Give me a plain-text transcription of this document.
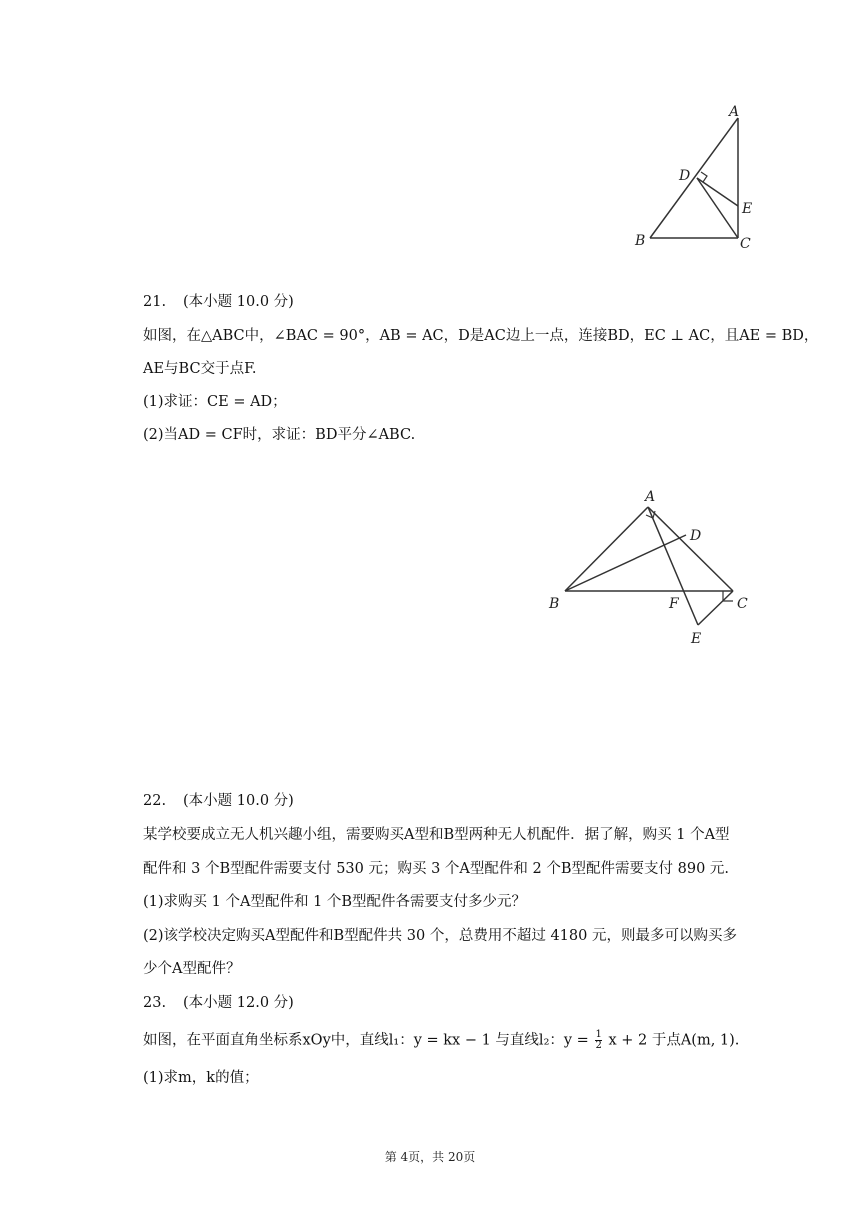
A
D
E
B	C
21. (本小题 10.0 分)
如图，在△ABC中，∠BAC = 90°，AB = AC，D是AC边上一点，连接BD，EC ⊥ AC，且AE = BD，
AE与BC交于点F.
(1)求证：CE = AD；
(2)当AD = CF时，求证：BD平分∠ABC.
A
D
B	F	C
E
22. (本小题 10.0 分)
某学校要成立无人机兴趣小组，需要购买A型和B型两种无人机配件．据了解，购买 1 个A型
配件和 3 个B型配件需要支付 530 元；购买 3 个A型配件和 2 个B型配件需要支付 890 元.
(1)求购买 1 个A型配件和 1 个B型配件各需要支付多少元？
(2)该学校决定购买A型配件和B型配件共 30 个，总费用不超过 4180 元，则最多可以购买多
少个A型配件？
23. (本小题 12.0 分)
如图，在平面直角坐标系xOy中，直线l₁：y = kx − 1 与直线l₂：$y = \frac{1}{2}$ x + 2 于点A(m, 1).
(1)求m，k的值；
第 4页，共 20页
